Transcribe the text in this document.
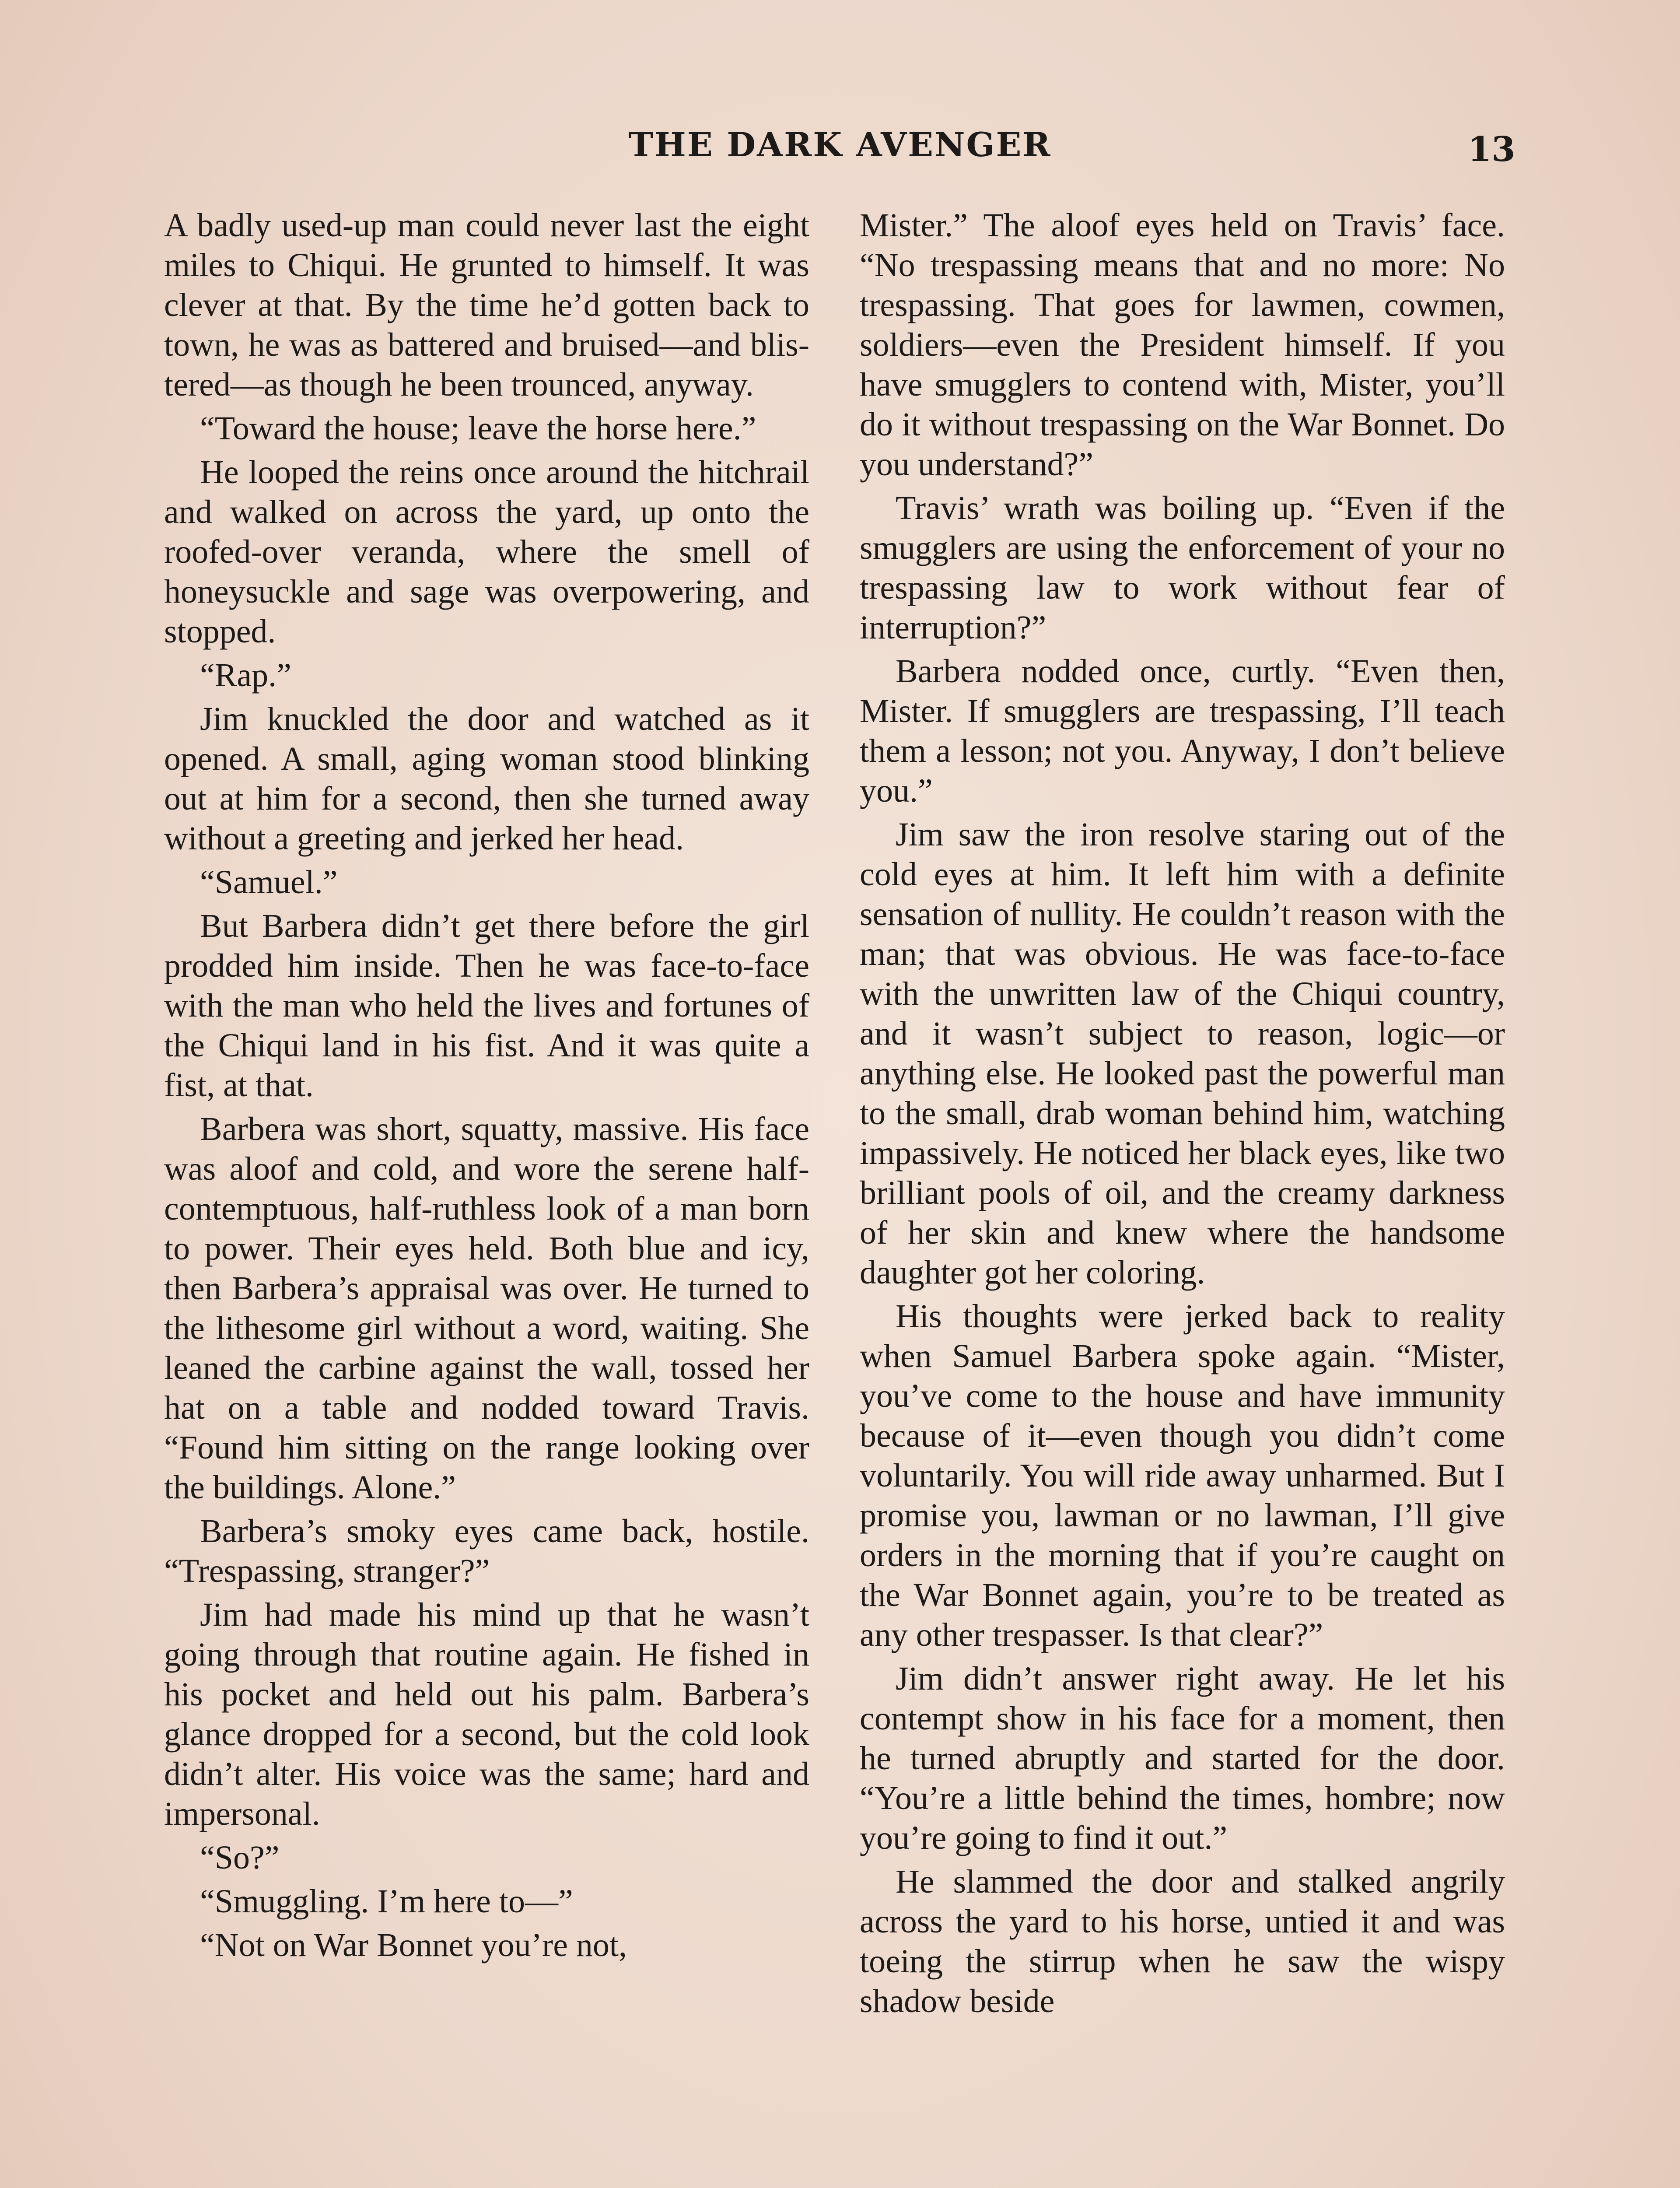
THE DARK AVENGER	13

A badly used-up man could never last the eight miles to Chiqui. He grunted to himself. It was clever at that. By the time he’d gotten back to town, he was as battered and bruised—and blistered—as though he been trounced, anyway.

“Toward the house; leave the horse here.”

He looped the reins once around the hitchrail and walked on across the yard, up onto the roofed-over veranda, where the smell of honeysuckle and sage was overpowering, and stopped.

“Rap.”

Jim knuckled the door and watched as it opened. A small, aging woman stood blinking out at him for a second, then she turned away without a greeting and jerked her head.

“Samuel.”

But Barbera didn’t get there before the girl prodded him inside. Then he was face-to-face with the man who held the lives and fortunes of the Chiqui land in his fist. And it was quite a fist, at that.

Barbera was short, squatty, massive. His face was aloof and cold, and wore the serene half-contemptuous, half-ruthless look of a man born to power. Their eyes held. Both blue and icy, then Barbera’s appraisal was over. He turned to the lithesome girl without a word, waiting. She leaned the carbine against the wall, tossed her hat on a table and nodded toward Travis. “Found him sitting on the range looking over the buildings. Alone.”

Barbera’s smoky eyes came back, hostile. “Trespassing, stranger?”

Jim had made his mind up that he wasn’t going through that routine again. He fished in his pocket and held out his palm. Barbera’s glance dropped for a second, but the cold look didn’t alter. His voice was the same; hard and impersonal.

“So?”

“Smuggling. I’m here to—”

“Not on War Bonnet you’re not,

Mister.” The aloof eyes held on Travis’ face. “No trespassing means that and no more: No trespassing. That goes for lawmen, cowmen, soldiers—even the President himself. If you have smugglers to contend with, Mister, you’ll do it without trespassing on the War Bonnet. Do you understand?”

Travis’ wrath was boiling up. “Even if the smugglers are using the enforcement of your no trespassing law to work without fear of interruption?”

Barbera nodded once, curtly. “Even then, Mister. If smugglers are trespassing, I’ll teach them a lesson; not you. Anyway, I don’t believe you.”

Jim saw the iron resolve staring out of the cold eyes at him. It left him with a definite sensation of nullity. He couldn’t reason with the man; that was obvious. He was face-to-face with the unwritten law of the Chiqui country, and it wasn’t subject to reason, logic—or anything else. He looked past the powerful man to the small, drab woman behind him, watching impassively. He noticed her black eyes, like two brilliant pools of oil, and the creamy darkness of her skin and knew where the handsome daughter got her coloring.

His thoughts were jerked back to reality when Samuel Barbera spoke again. “Mister, you’ve come to the house and have immunity because of it—even though you didn’t come voluntarily. You will ride away unharmed. But I promise you, lawman or no lawman, I’ll give orders in the morning that if you’re caught on the War Bonnet again, you’re to be treated as any other trespasser. Is that clear?”

Jim didn’t answer right away. He let his contempt show in his face for a moment, then he turned abruptly and started for the door. “You’re a little behind the times, hombre; now you’re going to find it out.”

He slammed the door and stalked angrily across the yard to his horse, untied it and was toeing the stirrup when he saw the wispy shadow beside
